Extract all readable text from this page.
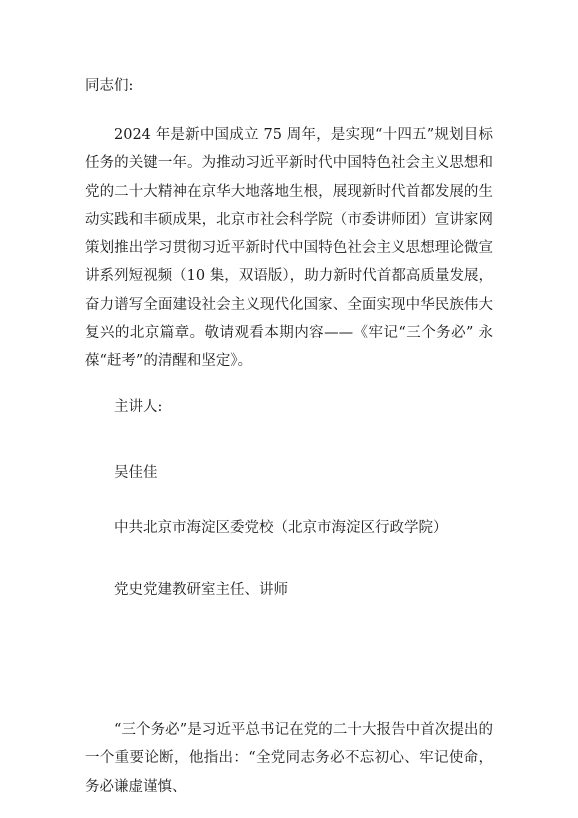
同志们:

2024 年是新中国成立 75 周年，是实现“十四五”规划目标任务的关键一年。为推动习近平新时代中国特色社会主义思想和党的二十大精神在京华大地落地生根，展现新时代首都发展的生动实践和丰硕成果，北京市社会科学院（市委讲师团）宣讲家网策划推出学习贯彻习近平新时代中国特色社会主义思想理论微宣讲系列短视频（10 集，双语版），助力新时代首都高质量发展，奋力谱写全面建设社会主义现代化国家、全面实现中华民族伟大复兴的北京篇章。敬请观看本期内容——《牢记“三个务必” 永葆“赶考”的清醒和坚定》。

主讲人:
吴佳佳
中共北京市海淀区委党校（北京市海淀区行政学院）
党史党建教研室主任、讲师

“三个务必”是习近平总书记在党的二十大报告中首次提出的一个重要论断，他指出：“全党同志务必不忘初心、牢记使命，务必谦虚谨慎、
